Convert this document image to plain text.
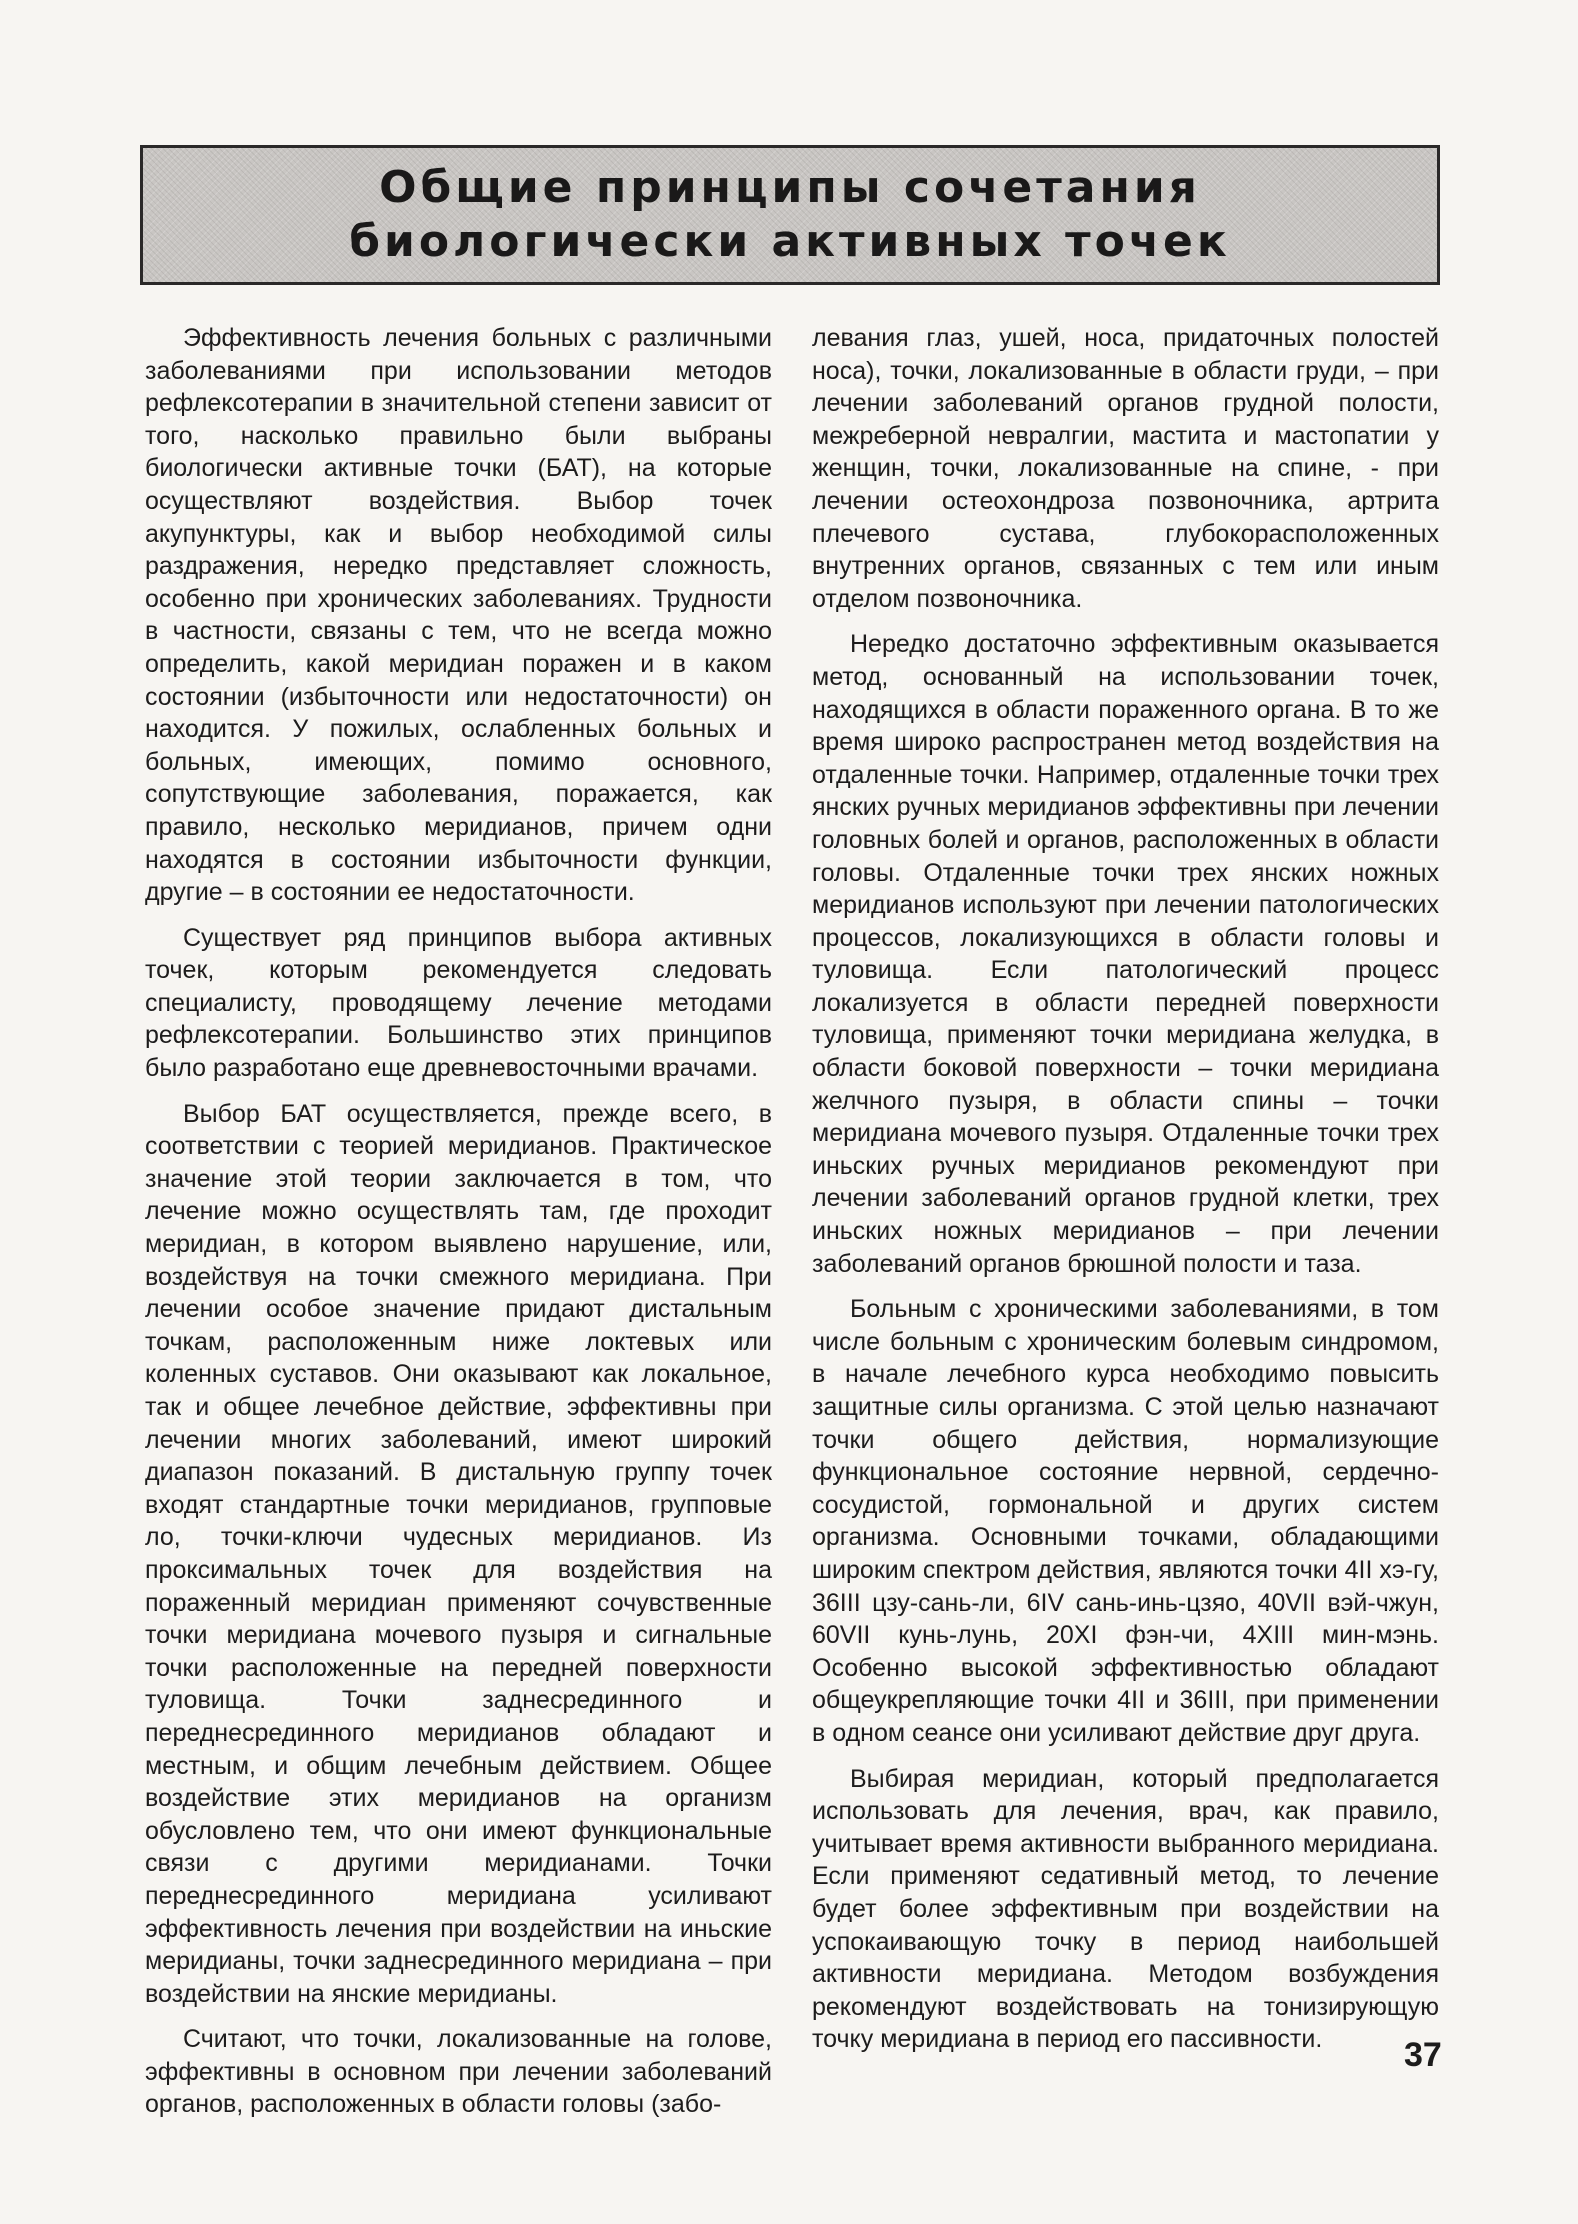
Общие принципы сочетания
биологически активных точек

Эффективность лечения больных с различными заболеваниями при использовании методов рефлексотерапии в значительной степени зависит от того, насколько правильно были выбраны биологически активные точки (БАТ), на которые осуществляют воздействия. Выбор точек акупунктуры, как и выбор необходимой силы раздражения, нередко представляет сложность, особенно при хронических заболеваниях. Трудности в частности, связаны с тем, что не всегда можно определить, какой меридиан поражен и в каком состоянии (избыточности или недостаточности) он находится. У пожилых, ослабленных больных и больных, имеющих, помимо основного, сопутствующие заболевания, поражается, как правило, несколько меридианов, причем одни находятся в состоянии избыточности функции, другие – в состоянии ее недостаточности.

Существует ряд принципов выбора активных точек, которым рекомендуется следовать специалисту, проводящему лечение методами рефлексотерапии. Большинство этих принципов было разработано еще древневосточными врачами.

Выбор БАТ осуществляется, прежде всего, в соответствии с теорией меридианов. Практическое значение этой теории заключается в том, что лечение можно осуществлять там, где проходит меридиан, в котором выявлено нарушение, или, воздействуя на точки смежного меридиана. При лечении особое значение придают дистальным точкам, расположенным ниже локтевых или коленных суставов. Они оказывают как локальное, так и общее лечебное действие, эффективны при лечении многих заболеваний, имеют широкий диапазон показаний. В дистальную группу точек входят стандартные точки меридианов, групповые ло, точки-ключи чудесных меридианов. Из проксимальных точек для воздействия на пораженный меридиан применяют сочувственные точки меридиана мочевого пузыря и сигнальные точки расположенные на передней поверхности туловища. Точки заднесрединного и переднесрединного меридианов обладают и местным, и общим лечебным действием. Общее воздействие этих меридианов на организм обусловлено тем, что они имеют функциональные связи с другими меридианами. Точки переднесрединного меридиана усиливают эффективность лечения при воздействии на иньские меридианы, точки заднесрединного меридиана – при воздействии на янские меридианы.

Считают, что точки, локализованные на голове, эффективны в основном при лечении заболеваний органов, расположенных в области головы (забо-

левания глаз, ушей, носа, придаточных полостей носа), точки, локализованные в области груди, – при лечении заболеваний органов грудной полости, межреберной невралгии, мастита и мастопатии у женщин, точки, локализованные на спине, - при лечении остеохондроза позвоночника, артрита плечевого сустава, глубокорасположенных внутренних органов, связанных с тем или иным отделом позвоночника.

Нередко достаточно эффективным оказывается метод, основанный на использовании точек, находящихся в области пораженного органа. В то же время широко распространен метод воздействия на отдаленные точки. Например, отдаленные точки трех янских ручных меридианов эффективны при лечении головных болей и органов, расположенных в области головы. Отдаленные точки трех янских ножных меридианов используют при лечении патологических процессов, локализующихся в области головы и туловища. Если патологический процесс локализуется в области передней поверхности туловища, применяют точки меридиана желудка, в области боковой поверхности – точки меридиана желчного пузыря, в области спины – точки меридиана мочевого пузыря. Отдаленные точки трех иньских ручных меридианов рекомендуют при лечении заболеваний органов грудной клетки, трех иньских ножных меридианов – при лечении заболеваний органов брюшной полости и таза.

Больным с хроническими заболеваниями, в том числе больным с хроническим болевым синдромом, в начале лечебного курса необходимо повысить защитные силы организма. С этой целью назначают точки общего действия, нормализующие функциональное состояние нервной, сердечно-сосудистой, гормональной и других систем организма. Основными точками, обладающими широким спектром действия, являются точки 4II хэ-гу, 36III цзу-сань-ли, 6IV сань-инь-цзяо, 40VII вэй-чжун, 60VII кунь-лунь, 20XI фэн-чи, 4XIII мин-мэнь. Особенно высокой эффективностью обладают общеукрепляющие точки 4II и 36III, при применении в одном сеансе они усиливают действие друг друга.

Выбирая меридиан, который предполагается использовать для лечения, врач, как правило, учитывает время активности выбранного меридиана. Если применяют седативный метод, то лечение будет более эффективным при воздействии на успокаивающую точку в период наибольшей активности меридиана. Методом возбуждения рекомендуют воздействовать на тонизирующую точку меридиана в период его пассивности.	37
